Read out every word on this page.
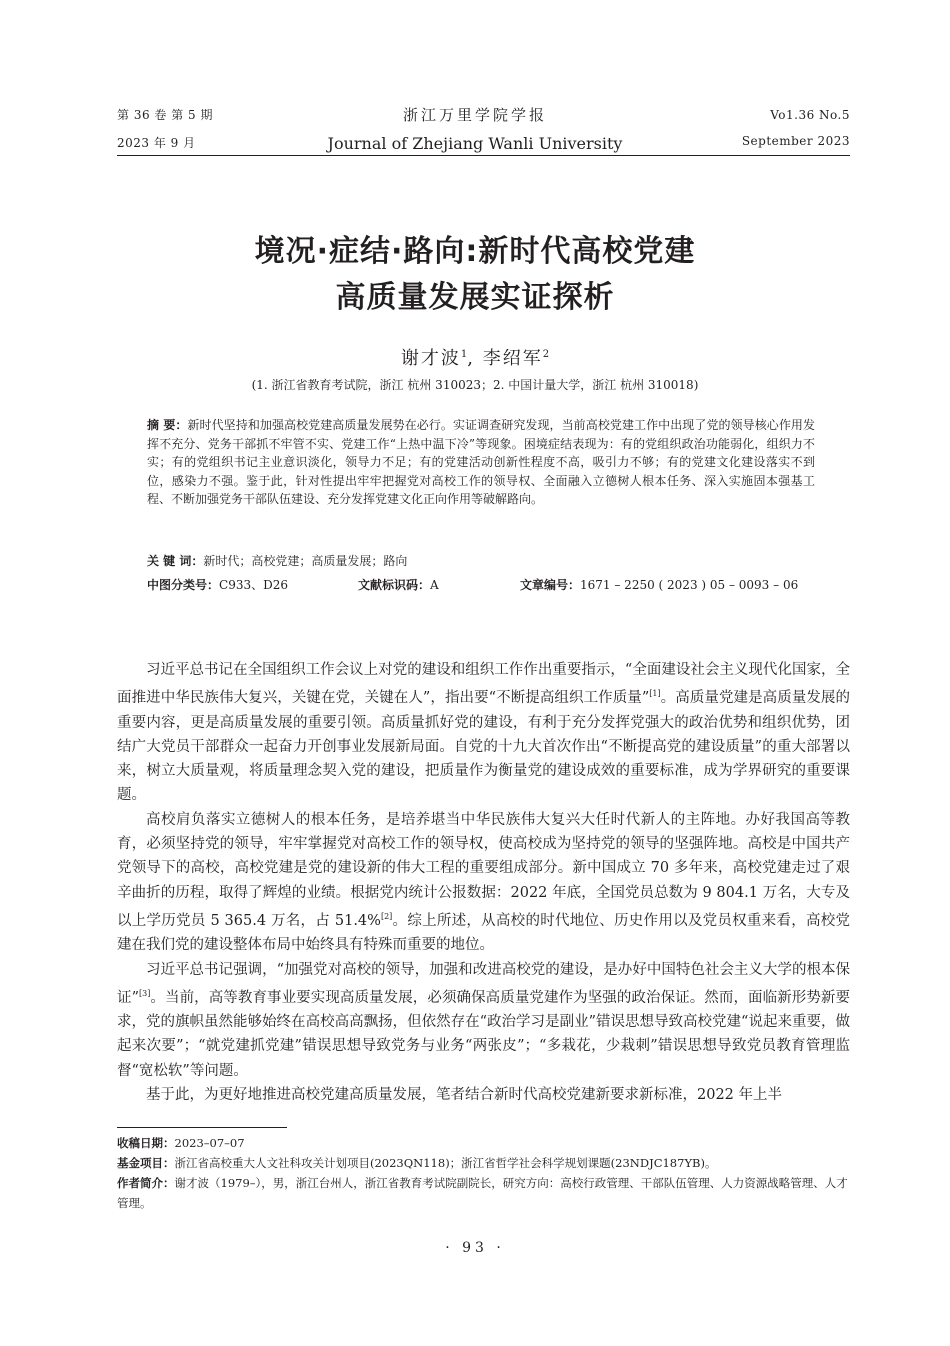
第 36 卷 第 5 期
2023 年 9 月
浙江万里学院学报
Journal of Zhejiang Wanli University
Vo1.36 No.5
September 2023
境况·症结·路向:新时代高校党建
高质量发展实证探析
谢才波$^1$, 李绍军$^2$
(1. 浙江省教育考试院，浙江 杭州 310023；2. 中国计量大学，浙江 杭州 310018)
摘 要：新时代坚持和加强高校党建高质量发展势在必行。实证调查研究发现，当前高校党建工作中出现了党的领导核心作用发挥不充分、党务干部抓不牢管不实、党建工作“上热中温下冷”等现象。困境症结表现为：有的党组织政治功能弱化，组织力不实；有的党组织书记主业意识淡化，领导力不足；有的党建活动创新性程度不高，吸引力不够；有的党建文化建设落实不到位，感染力不强。鉴于此，针对性提出牢牢把握党对高校工作的领导权、全面融入立德树人根本任务、深入实施固本强基工程、不断加强党务干部队伍建设、充分发挥党建文化正向作用等破解路向。
关 键 词：新时代；高校党建；高质量发展；路向
中图分类号：C933、D26	文献标识码：A	文章编号：1671 – 2250 ( 2023 ) 05 – 0093 – 06

习近平总书记在全国组织工作会议上对党的建设和组织工作作出重要指示，“全面建设社会主义现代化国家，全面推进中华民族伟大复兴，关键在党，关键在人”，指出要“不断提高组织工作质量”[1]。高质量党建是高质量发展的重要内容，更是高质量发展的重要引领。高质量抓好党的建设，有利于充分发挥党强大的政治优势和组织优势，团结广大党员干部群众一起奋力开创事业发展新局面。自党的十九大首次作出“不断提高党的建设质量”的重大部署以来，树立大质量观，将质量理念契入党的建设，把质量作为衡量党的建设成效的重要标准，成为学界研究的重要课题。

高校肩负落实立德树人的根本任务，是培养堪当中华民族伟大复兴大任时代新人的主阵地。办好我国高等教育，必须坚持党的领导，牢牢掌握党对高校工作的领导权，使高校成为坚持党的领导的坚强阵地。高校是中国共产党领导下的高校，高校党建是党的建设新的伟大工程的重要组成部分。新中国成立 70 多年来，高校党建走过了艰辛曲折的历程，取得了辉煌的业绩。根据党内统计公报数据：2022 年底，全国党员总数为 9 804.1 万名，大专及以上学历党员 5 365.4 万名，占 51.4%[2]。综上所述，从高校的时代地位、历史作用以及党员权重来看，高校党建在我们党的建设整体布局中始终具有特殊而重要的地位。

习近平总书记强调，“加强党对高校的领导，加强和改进高校党的建设，是办好中国特色社会主义大学的根本保证”[3]。当前，高等教育事业要实现高质量发展，必须确保高质量党建作为坚强的政治保证。然而，面临新形势新要求，党的旗帜虽然能够始终在高校高高飘扬，但依然存在“政治学习是副业”错误思想导致高校党建“说起来重要，做起来次要”；“就党建抓党建”错误思想导致党务与业务“两张皮”；“多栽花，少栽刺”错误思想导致党员教育管理监督“宽松软”等问题。

基于此，为更好地推进高校党建高质量发展，笔者结合新时代高校党建新要求新标准，2022 年上半

收稿日期：2023–07–07
基金项目：浙江省高校重大人文社科攻关计划项目(2023QN118)；浙江省哲学社会科学规划课题(23NDJC187YB)。
作者简介：谢才波（1979–），男，浙江台州人，浙江省教育考试院副院长，研究方向：高校行政管理、干部队伍管理、人力资源战略管理、人才管理。
· 93 ·
